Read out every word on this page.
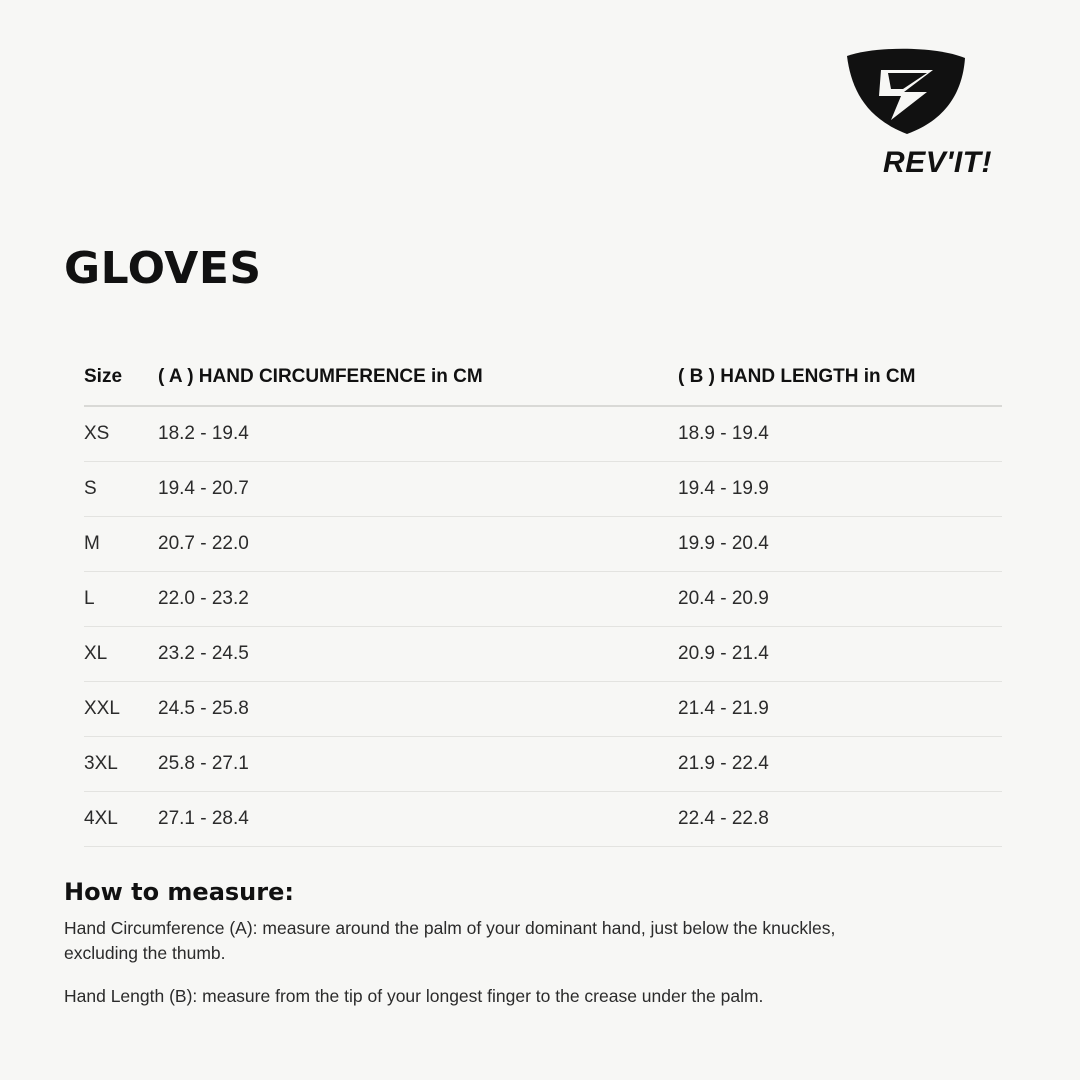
REV'IT!
GLOVES
Size	( A ) HAND CIRCUMFERENCE in CM	( B ) HAND LENGTH in CM
XS	18.2 - 19.4	18.9 - 19.4
S	19.4 - 20.7	19.4 - 19.9
M	20.7 - 22.0	19.9 - 20.4
L	22.0 - 23.2	20.4 - 20.9
XL	23.2 - 24.5	20.9 - 21.4
XXL	24.5 - 25.8	21.4 - 21.9
3XL	25.8 - 27.1	21.9 - 22.4
4XL	27.1 - 28.4	22.4 - 22.8
How to measure:

Hand Circumference (A): measure around the palm of your dominant hand, just below the knuckles, excluding the thumb.

Hand Length (B): measure from the tip of your longest finger to the crease under the palm.
